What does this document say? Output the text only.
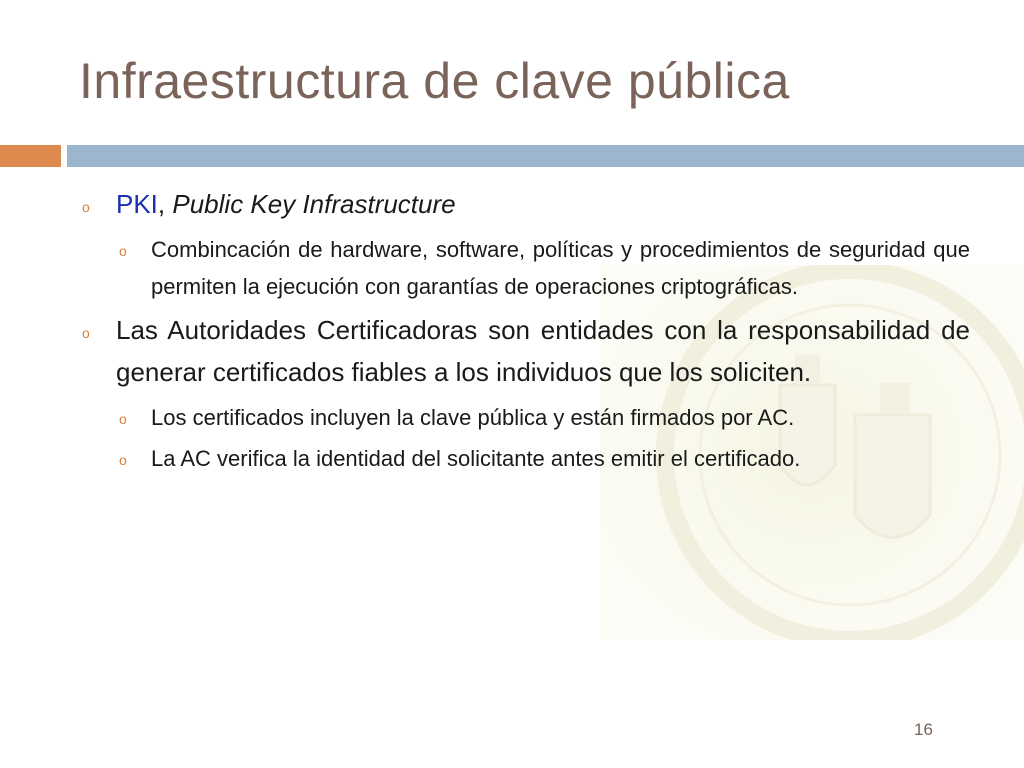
Infraestructura de clave pública
o PKI, Public Key Infrastructure
o Combincación de hardware, software, políticas y procedimientos de seguridad que permiten la ejecución con garantías de operaciones criptográficas.
o Las Autoridades Certificadoras son entidades con la responsabilidad de generar certificados fiables a los individuos que los soliciten.
o Los certificados incluyen la clave pública y están firmados por AC.
o La AC verifica la identidad del solicitante antes emitir el certificado.
16
